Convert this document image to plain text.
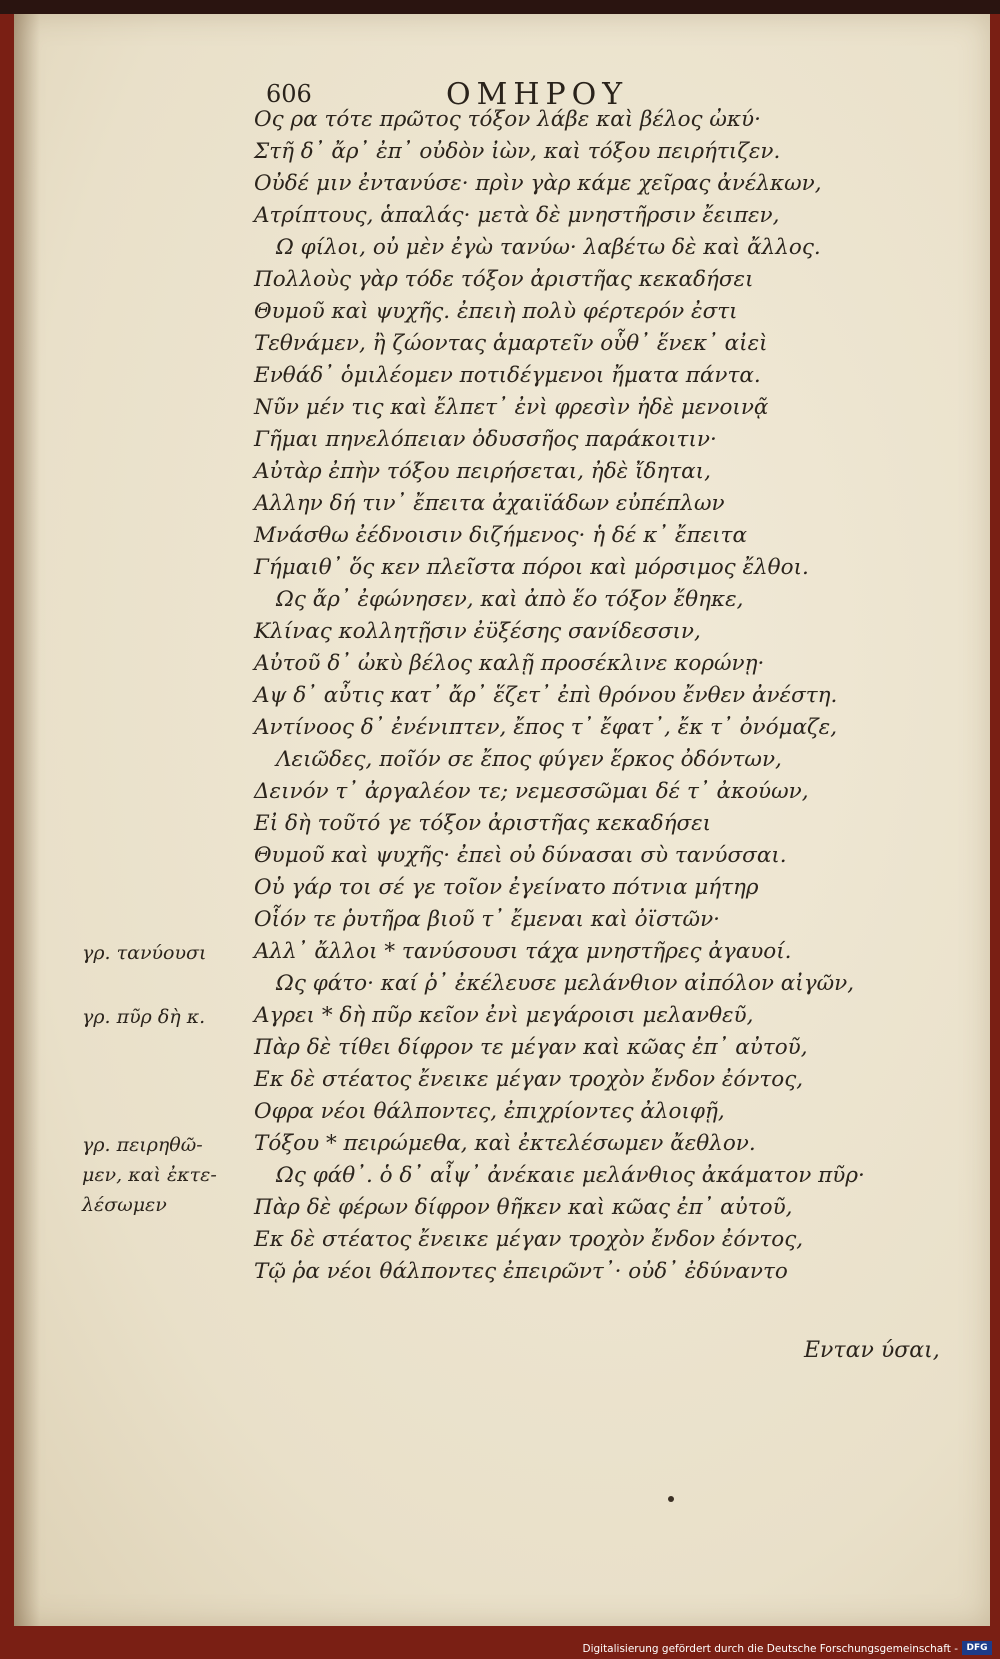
606	ΟΜΗΡΟΥ
Ος ρα τότε πρῶτος τόξον λάβε καὶ βέλος ὠκύ·
Στῆ δ᾽ ἄρ᾽ ἐπ᾽ οὐδὸν ἰὼν, καὶ τόξου πειρήτιζεν.
Οὐδέ μιν ἐντανύσε· πρὶν γὰρ κάμε χεῖρας ἀνέλκων,
Ατρίπτους, ἁπαλάς· μετὰ δὲ μνηστῆρσιν ἔειπεν,
Ω φίλοι, οὐ μὲν ἐγὼ τανύω· λαβέτω δὲ καὶ ἄλλος.
Πολλοὺς γὰρ τόδε τόξον ἀριστῆας κεκαδήσει
Θυμοῦ καὶ ψυχῆς. ἐπειὴ πολὺ φέρτερόν ἐστι
Τεθνάμεν, ἢ ζώοντας ἁμαρτεῖν οὗθ᾽ ἕνεκ᾽ αἰεὶ
Ενθάδ᾽ ὁμιλέομεν ποτιδέγμενοι ἤματα πάντα.
Νῦν μέν τις καὶ ἔλπετ᾽ ἐνὶ φρεσὶν ἠδὲ μενοινᾷ
Γῆμαι πηνελόπειαν ὀδυσσῆος παράκοιτιν·
Αὐτὰρ ἐπὴν τόξου πειρήσεται, ἠδὲ ἴδηται,
Αλλην δή τιν᾽ ἔπειτα ἀχαιϊάδων εὐπέπλων
Μνάσθω ἐέδνοισιν διζήμενος· ἡ δέ κ᾽ ἔπειτα
Γήμαιθ᾽ ὅς κεν πλεῖστα πόροι καὶ μόρσιμος ἔλθοι.
Ως ἄρ᾽ ἐφώνησεν, καὶ ἀπὸ ἕο τόξον ἔθηκε,
Κλίνας κολλητῇσιν ἐϋξέσης σανίδεσσιν,
Αὐτοῦ δ᾽ ὠκὺ βέλος καλῇ προσέκλινε κορώνῃ·
Αψ δ᾽ αὖτις κατ᾽ ἄρ᾽ ἕζετ᾽ ἐπὶ θρόνου ἔνθεν ἀνέστη.
Αντίνοος δ᾽ ἐνένιπτεν, ἔπος τ᾽ ἔφατ᾽, ἔκ τ᾽ ὀνόμαζε,
Λειῶδες, ποῖόν σε ἔπος φύγεν ἕρκος ὀδόντων,
Δεινόν τ᾽ ἀργαλέον τε; νεμεσσῶμαι δέ τ᾽ ἀκούων,
Εἰ δὴ τοῦτό γε τόξον ἀριστῆας κεκαδήσει
Θυμοῦ καὶ ψυχῆς· ἐπεὶ οὐ δύνασαι σὺ τανύσσαι.
Οὐ γάρ τοι σέ γε τοῖον ἐγείνατο πότνια μήτηρ
Οἷόν τε ῥυτῆρα βιοῦ τ᾽ ἔμεναι καὶ ὀϊστῶν·
Αλλ᾽ ἄλλοι * τανύσουσι τάχα μνηστῆρες ἀγαυοί.
Ως φάτο· καί ῥ᾽ ἐκέλευσε μελάνθιον αἰπόλον αἰγῶν,
Αγρει * δὴ πῦρ κεῖον ἐνὶ μεγάροισι μελανθεῦ,
Πὰρ δὲ τίθει δίφρον τε μέγαν καὶ κῶας ἐπ᾽ αὐτοῦ,
Εκ δὲ στέατος ἔνεικε μέγαν τροχὸν ἔνδον ἐόντος,
Οφρα νέοι θάλποντες, ἐπιχρίοντες ἀλοιφῇ,
Τόξου * πειρώμεθα, καὶ ἐκτελέσωμεν ἄεθλον.
Ως φάθ᾽. ὁ δ᾽ αἶψ᾽ ἀνέκαιε μελάνθιος ἀκάματον πῦρ·
Πὰρ δὲ φέρων δίφρον θῆκεν καὶ κῶας ἐπ᾽ αὐτοῦ,
Εκ δὲ στέατος ἔνεικε μέγαν τροχὸν ἔνδον ἐόντος,
Τῷ ῥα νέοι θάλποντες ἐπειρῶντ᾽· οὐδ᾽ ἐδύναντο
γρ. τανύουσι
γρ. πῦρ δὴ κ.
γρ. πειρηθῶ-
μεν, καὶ ἐκτε-
λέσωμεν
Ενταν ύσαι,
Digitalisierung gefördert durch die Deutsche Forschungsgemeinschaft - DFG
